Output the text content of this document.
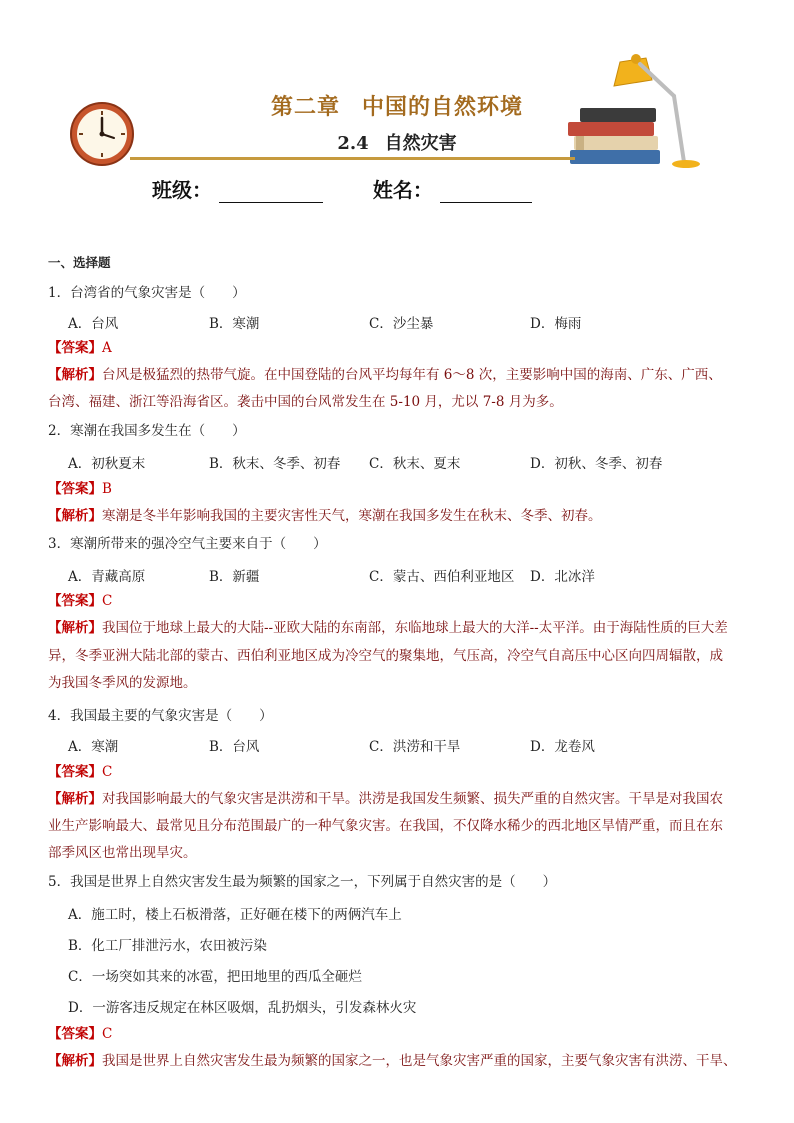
第二章 中国的自然环境
2.4 自然灾害
班级：	姓名：
一、选择题
1．台湾省的气象灾害是（　　）
A．台风	B．寒潮	C．沙尘暴	D．梅雨
【答案】A
【解析】台风是极猛烈的热带气旋。在中国登陆的台风平均每年有 6～8 次，主要影响中国的海南、广东、广西、
台湾、福建、浙江等沿海省区。袭击中国的台风常发生在 5-10 月，尤以 7-8 月为多。
2．寒潮在我国多发生在（　　）
A．初秋夏末	B．秋末、冬季、初春 C．秋末、夏末	D．初秋、冬季、初春
【答案】B
【解析】寒潮是冬半年影响我国的主要灾害性天气，寒潮在我国多发生在秋末、冬季、初春。
3．寒潮所带来的强冷空气主要来自于（　　）
A．青藏高原	B．新疆	C．蒙古、西伯利亚地区 D．北冰洋
【答案】C
【解析】我国位于地球上最大的大陆--亚欧大陆的东南部，东临地球上最大的大洋--太平洋。由于海陆性质的巨大差
异，冬季亚洲大陆北部的蒙古、西伯利亚地区成为冷空气的聚集地，气压高，冷空气自高压中心区向四周辐散，成
为我国冬季风的发源地。
4．我国最主要的气象灾害是（　　）
A．寒潮	B．台风	C．洪涝和干旱	D．龙卷风
【答案】C
【解析】对我国影响最大的气象灾害是洪涝和干旱。洪涝是我国发生频繁、损失严重的自然灾害。干旱是对我国农
业生产影响最大、最常见且分布范围最广的一种气象灾害。在我国，不仅降水稀少的西北地区旱情严重，而且在东
部季风区也常出现旱灾。
5．我国是世界上自然灾害发生最为频繁的国家之一，下列属于自然灾害的是（　　）
A．施工时，楼上石板滑落，正好砸在楼下的两俩汽车上
B．化工厂排泄污水，农田被污染
C．一场突如其来的冰雹，把田地里的西瓜全砸烂
D．一游客违反规定在林区吸烟，乱扔烟头，引发森林火灾
【答案】C
【解析】我国是世界上自然灾害发生最为频繁的国家之一，也是气象灾害严重的国家，主要气象灾害有洪涝、干旱、
